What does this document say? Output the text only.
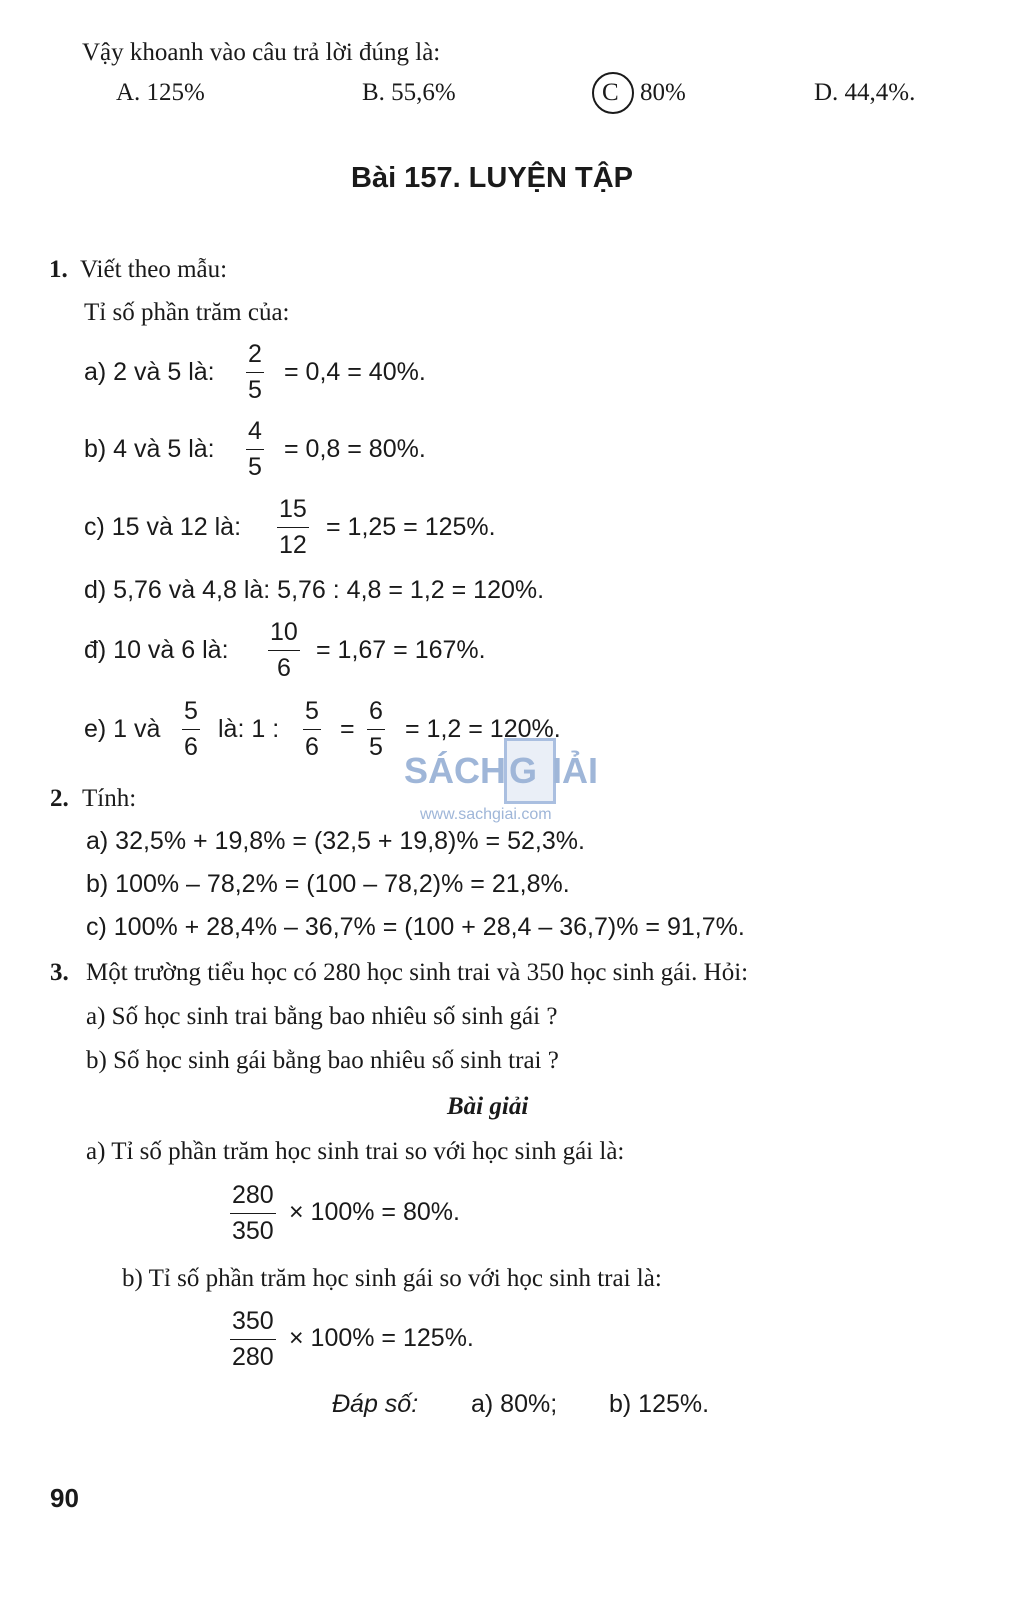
Vậy khoanh vào câu trả lời đúng là:
A. 125%	B. 55,6%	C 80%	D. 44,4%.
Bài 157. LUYỆN TẬP
1. Viết theo mẫu:
Tỉ số phần trăm của:
a) 2 và 5 là: $\frac{2}{5} = 0,4 = 40\%$.
b) 4 và 5 là: $\frac{4}{5} = 0,8 = 80\%$.
c) 15 và 12 là: $\frac{15}{12} = 1,25 = 125\%$.
d) 5,76 và 4,8 là: 5,76 : 4,8 = 1,2 = 120%.
đ) 10 và 6 là: $\frac{10}{6} = 1,67 = 167\%$.
e) 1 và $\frac{5}{6}$ là: 1 : $\frac{5}{6} = \frac{6}{5} = 1,2 = 120\%$.
SÁCH G IẢI
www.sachgiai.com
2. Tính:
a) 32,5% + 19,8% = (32,5 + 19,8)% = 52,3%.
b) 100% – 78,2% = (100 – 78,2)% = 21,8%.
c) 100% + 28,4% – 36,7% = (100 + 28,4 – 36,7)% = 91,7%.
3. Một trường tiểu học có 280 học sinh trai và 350 học sinh gái. Hỏi:
a) Số học sinh trai bằng bao nhiêu số sinh gái ?
b) Số học sinh gái bằng bao nhiêu số sinh trai ?
Bài giải
a) Tỉ số phần trăm học sinh trai so với học sinh gái là:
$\frac{280}{350} \times 100\% = 80\%$.
b) Tỉ số phần trăm học sinh gái so với học sinh trai là:
$\frac{350}{280} \times 100\% = 125\%$.
Đáp số: a) 80%; b) 125%.
90
